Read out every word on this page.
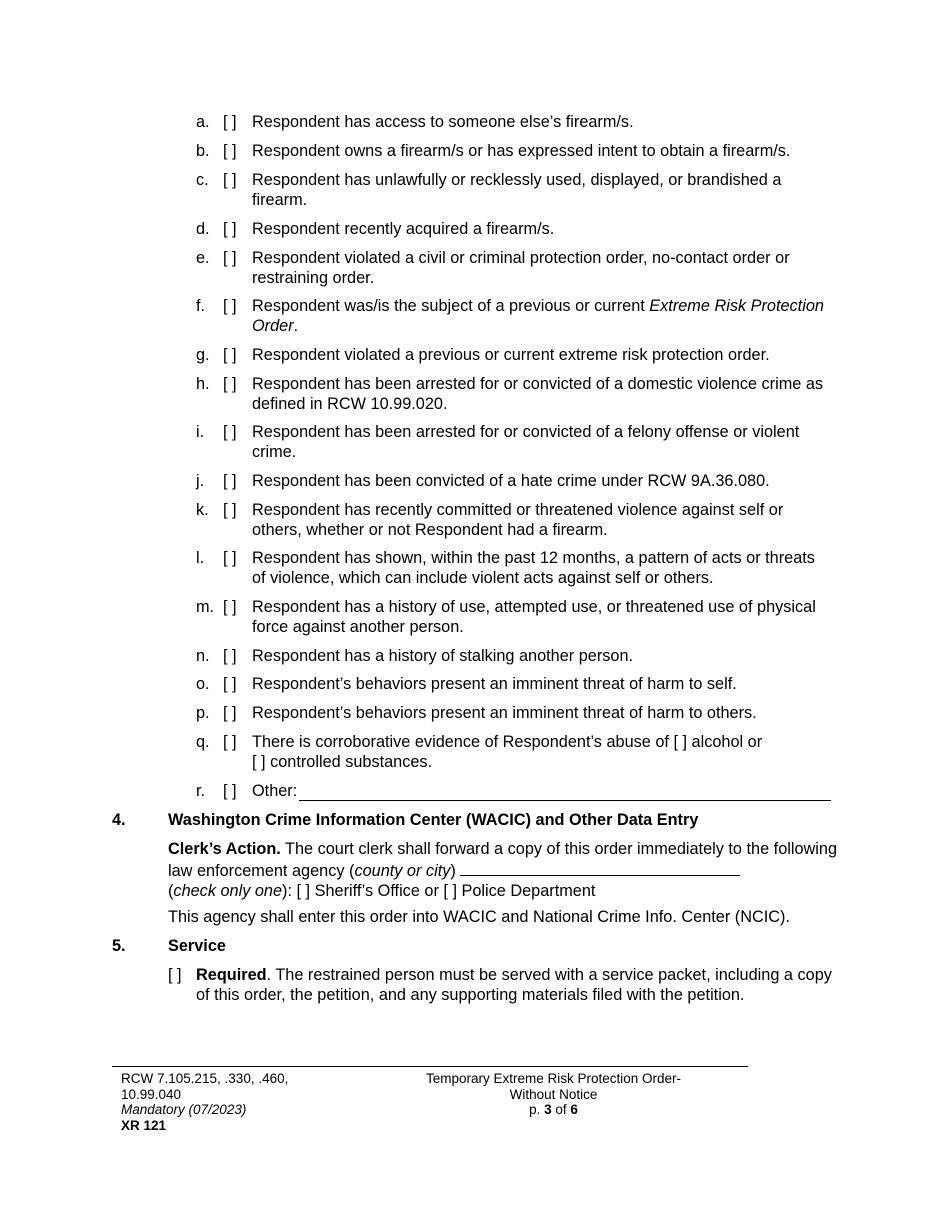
a. [ ] Respondent has access to someone else’s firearm/s.
b. [ ] Respondent owns a firearm/s or has expressed intent to obtain a firearm/s.
c. [ ] Respondent has unlawfully or recklessly used, displayed, or brandished a firearm.
d. [ ] Respondent recently acquired a firearm/s.
e. [ ] Respondent violated a civil or criminal protection order, no-contact order or restraining order.
f. [ ] Respondent was/is the subject of a previous or current Extreme Risk Protection Order.
g. [ ] Respondent violated a previous or current extreme risk protection order.
h. [ ] Respondent has been arrested for or convicted of a domestic violence crime as defined in RCW 10.99.020.
i. [ ] Respondent has been arrested for or convicted of a felony offense or violent crime.
j. [ ] Respondent has been convicted of a hate crime under RCW 9A.36.080.
k. [ ] Respondent has recently committed or threatened violence against self or others, whether or not Respondent had a firearm.
l. [ ] Respondent has shown, within the past 12 months, a pattern of acts or threats of violence, which can include violent acts against self or others.
m. [ ] Respondent has a history of use, attempted use, or threatened use of physical force against another person.
n. [ ] Respondent has a history of stalking another person.
o. [ ] Respondent’s behaviors present an imminent threat of harm to self.
p. [ ] Respondent’s behaviors present an imminent threat of harm to others.
q. [ ] There is corroborative evidence of Respondent’s abuse of [ ] alcohol or
[ ] controlled substances.
r. [ ] Other:
4.	Washington Crime Information Center (WACIC) and Other Data Entry
Clerk’s Action. The court clerk shall forward a copy of this order immediately to the following law enforcement agency (county or city)
(check only one): [ ] Sheriff’s Office or [ ] Police Department
This agency shall enter this order into WACIC and National Crime Info. Center (NCIC).
5.	Service
[ ] Required. The restrained person must be served with a service packet, including a copy of this order, the petition, and any supporting materials filed with the petition.
RCW 7.105.215, .330, .460,
10.99.040
Mandatory (07/2023)
XR 121
Temporary Extreme Risk Protection Order-
Without Notice
p. 3 of 6
